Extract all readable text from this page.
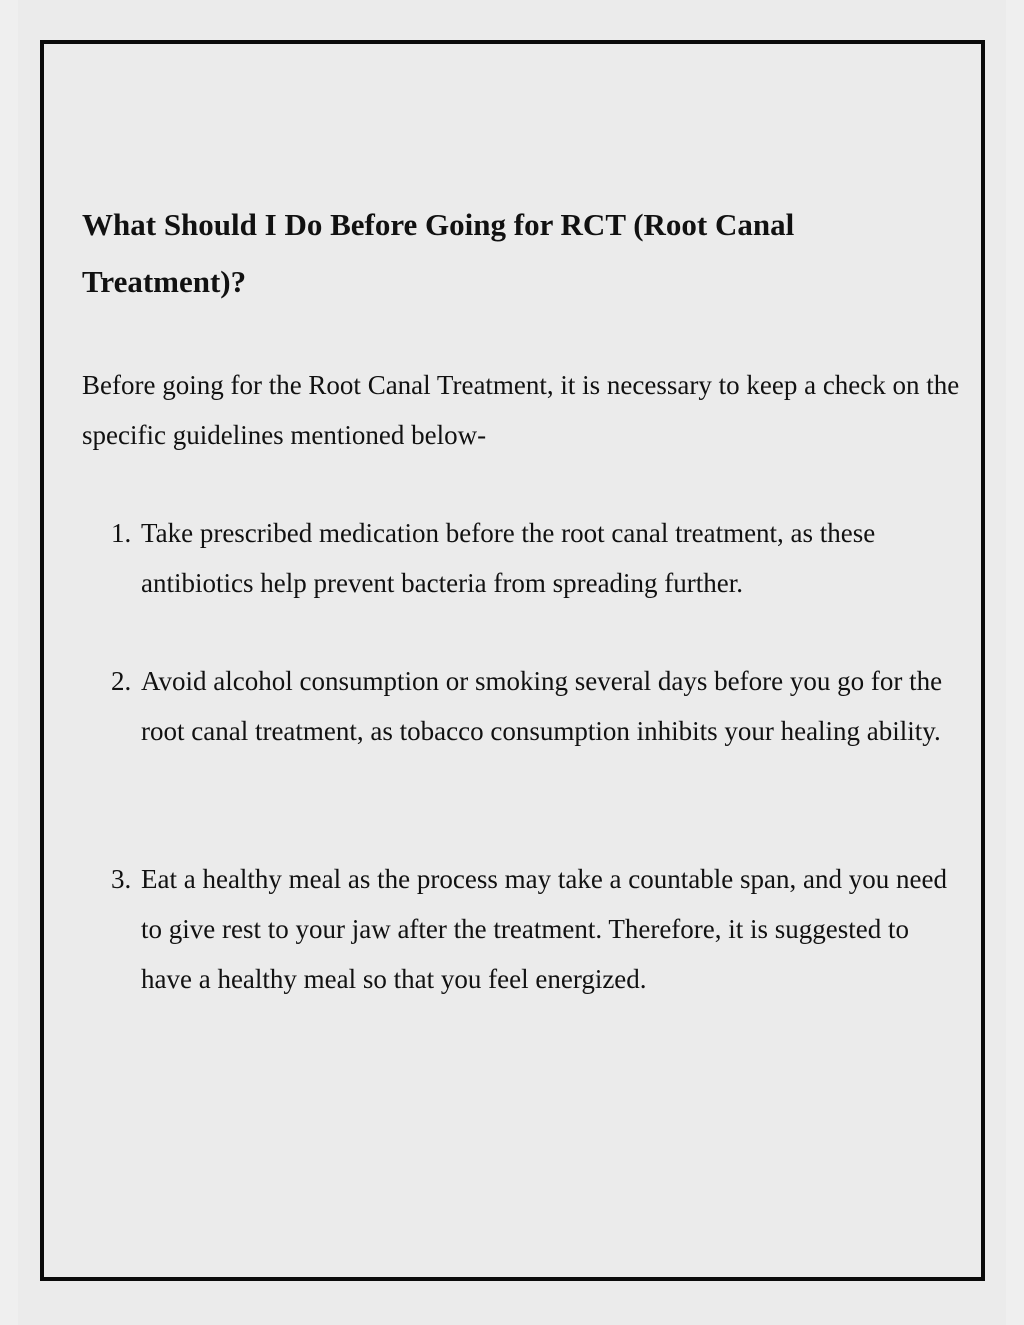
What Should I Do Before Going for RCT (Root Canal Treatment)?

Before going for the Root Canal Treatment, it is necessary to keep a check on the specific guidelines mentioned below-

1. Take prescribed medication before the root canal treatment, as these antibiotics help prevent bacteria from spreading further.
2. Avoid alcohol consumption or smoking several days before you go for the root canal treatment, as tobacco consumption inhibits your healing ability.
3. Eat a healthy meal as the process may take a countable span, and you need to give rest to your jaw after the treatment. Therefore, it is suggested to have a healthy meal so that you feel energized.
